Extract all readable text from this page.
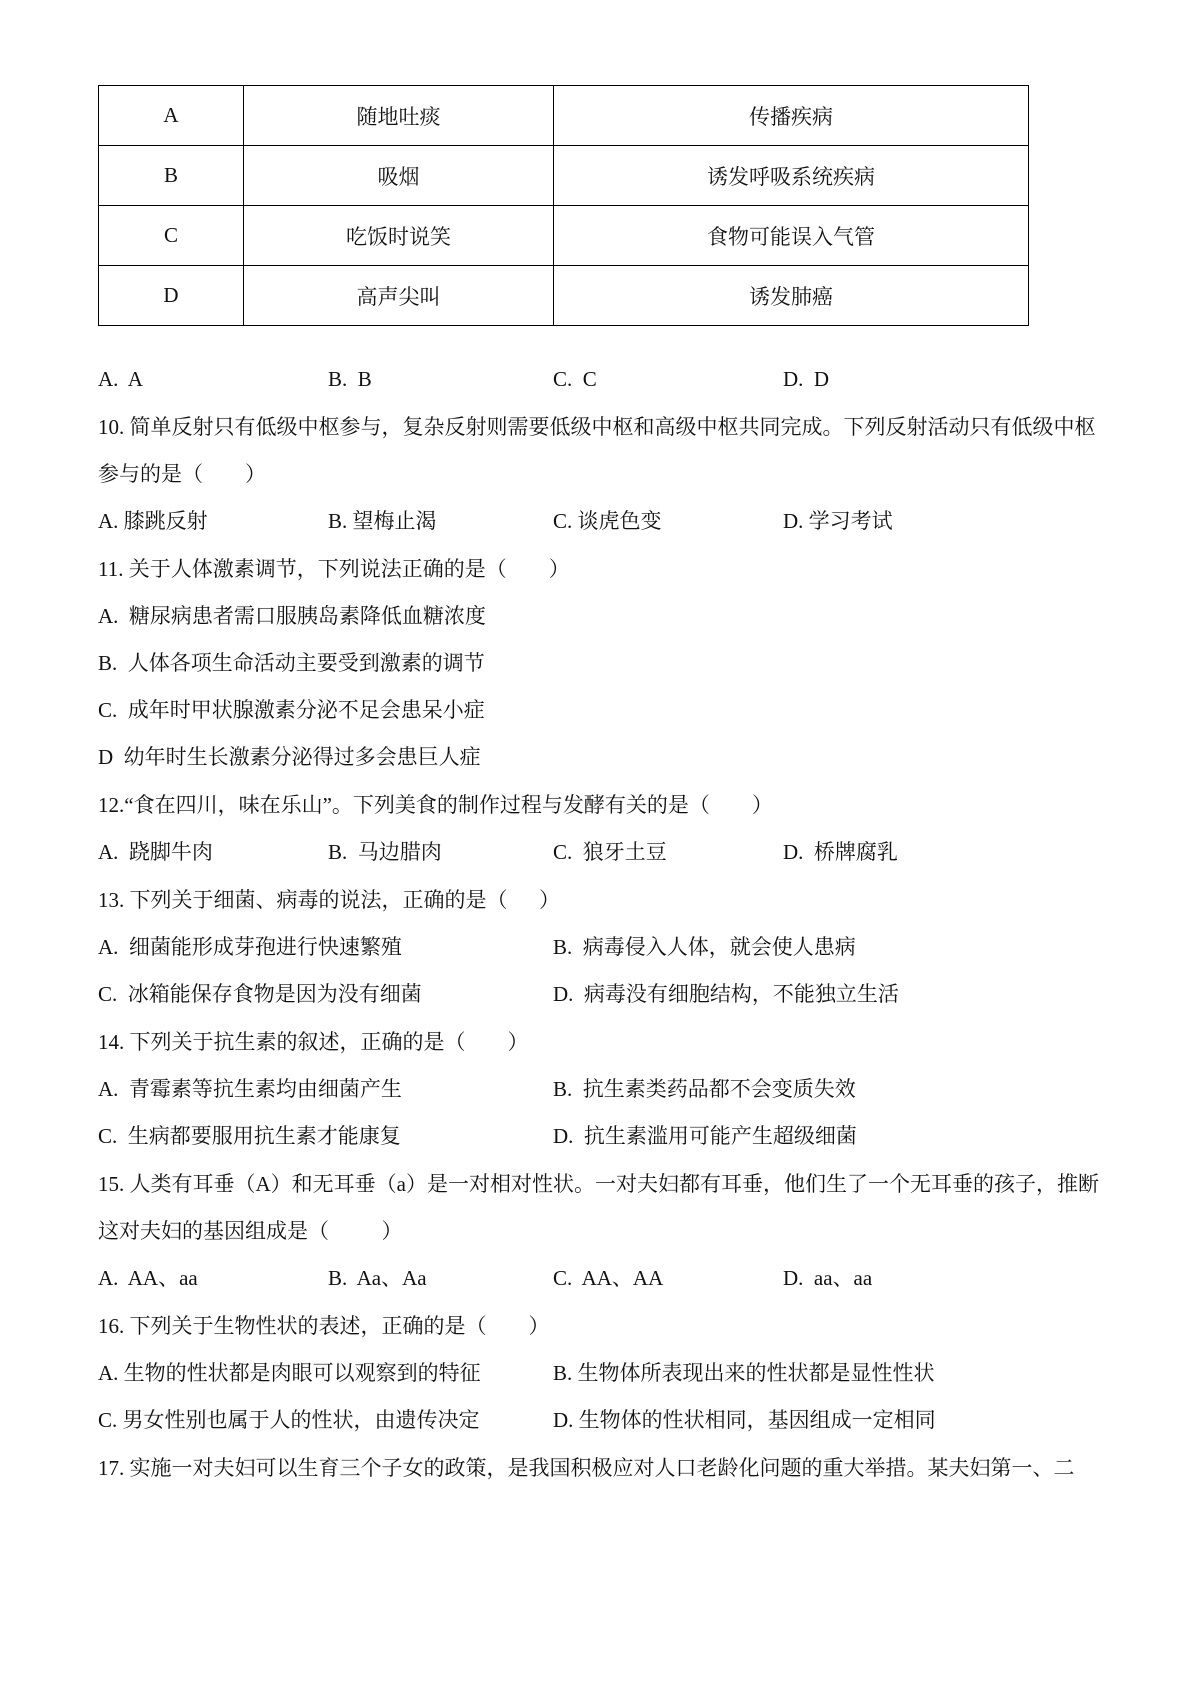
A	随地吐痰	传播疾病
B	吸烟	诱发呼吸系统疾病
C	吃饭时说笑	食物可能误入气管
D	高声尖叫	诱发肺癌
A.  A	B.  B	C.  C	D.  D
10. 简单反射只有低级中枢参与，复杂反射则需要低级中枢和高级中枢共同完成。下列反射活动只有低级中枢参与的是（        ）
A. 膝跳反射	B. 望梅止渴	C. 谈虎色变	D. 学习考试
11. 关于人体激素调节，下列说法正确的是（        ）
A.  糖尿病患者需口服胰岛素降低血糖浓度
B.  人体各项生命活动主要受到激素的调节
C.  成年时甲状腺激素分泌不足会患呆小症
D  幼年时生长激素分泌得过多会患巨人症
12.“食在四川，味在乐山”。下列美食的制作过程与发酵有关的是（        ）
A.  跷脚牛肉	B.  马边腊肉	C.  狼牙土豆	D.  桥牌腐乳
13. 下列关于细菌、病毒的说法，正确的是（      ）
A.  细菌能形成芽孢进行快速繁殖	B.  病毒侵入人体，就会使人患病
C.  冰箱能保存食物是因为没有细菌	D.  病毒没有细胞结构，不能独立生活
14. 下列关于抗生素的叙述，正确的是（        ）
A.  青霉素等抗生素均由细菌产生	B.  抗生素类药品都不会变质失效
C.  生病都要服用抗生素才能康复	D.  抗生素滥用可能产生超级细菌
15. 人类有耳垂（A）和无耳垂（a）是一对相对性状。一对夫妇都有耳垂，他们生了一个无耳垂的孩子，推断这对夫妇的基因组成是（          ）
A.  AA、aa	B.  Aa、Aa	C.  AA、AA	D.  aa、aa
16. 下列关于生物性状的表述，正确的是（        ）
A. 生物的性状都是肉眼可以观察到的特征	B. 生物体所表现出来的性状都是显性性状
C. 男女性别也属于人的性状，由遗传决定	D. 生物体的性状相同，基因组成一定相同
17. 实施一对夫妇可以生育三个子女的政策，是我国积极应对人口老龄化问题的重大举措。某夫妇第一、二
